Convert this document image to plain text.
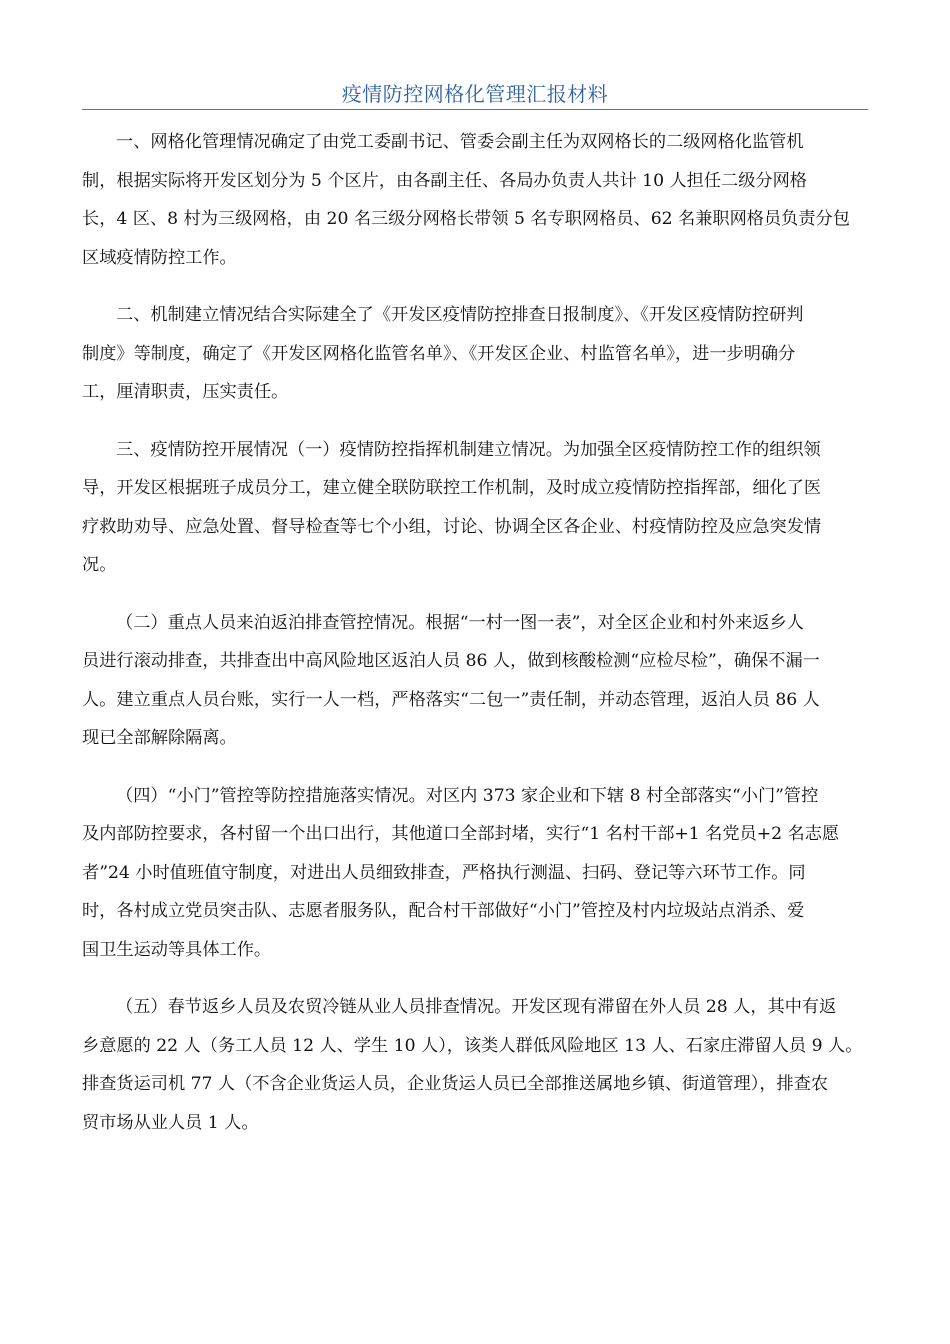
疫情防控网格化管理汇报材料

一、网格化管理情况确定了由党工委副书记、管委会副主任为双网格长的二级网格化监管机
制，根据实际将开发区划分为 5 个区片，由各副主任、各局办负责人共计 10 人担任二级分网格
长，4 区、8 村为三级网格，由 20 名三级分网格长带领 5 名专职网格员、62 名兼职网格员负责分包
区域疫情防控工作。

二、机制建立情况结合实际建全了《开发区疫情防控排查日报制度》、《开发区疫情防控研判
制度》等制度，确定了《开发区网格化监管名单》、《开发区企业、村监管名单》，进一步明确分
工，厘清职责，压实责任。

三、疫情防控开展情况（一）疫情防控指挥机制建立情况。为加强全区疫情防控工作的组织领
导，开发区根据班子成员分工，建立健全联防联控工作机制，及时成立疫情防控指挥部，细化了医
疗救助劝导、应急处置、督导检查等七个小组，讨论、协调全区各企业、村疫情防控及应急突发情
况。

（二）重点人员来泊返泊排查管控情况。根据“一村一图一表”，对全区企业和村外来返乡人
员进行滚动排查，共排查出中高风险地区返泊人员 86 人，做到核酸检测“应检尽检”，确保不漏一
人。建立重点人员台账，实行一人一档，严格落实“二包一”责任制，并动态管理，返泊人员 86 人
现已全部解除隔离。

（四）“小门”管控等防控措施落实情况。对区内 373 家企业和下辖 8 村全部落实“小门”管控
及内部防控要求，各村留一个出口出行，其他道口全部封堵，实行“1 名村干部+1 名党员+2 名志愿
者”24 小时值班值守制度，对进出人员细致排查，严格执行测温、扫码、登记等六环节工作。同
时，各村成立党员突击队、志愿者服务队，配合村干部做好“小门”管控及村内垃圾站点消杀、爱
国卫生运动等具体工作。

（五）春节返乡人员及农贸冷链从业人员排查情况。开发区现有滞留在外人员 28 人，其中有返
乡意愿的 22 人（务工人员 12 人、学生 10 人），该类人群低风险地区 13 人、石家庄滞留人员 9 人。
排查货运司机 77 人（不含企业货运人员，企业货运人员已全部推送属地乡镇、街道管理），排查农
贸市场从业人员 1 人。
